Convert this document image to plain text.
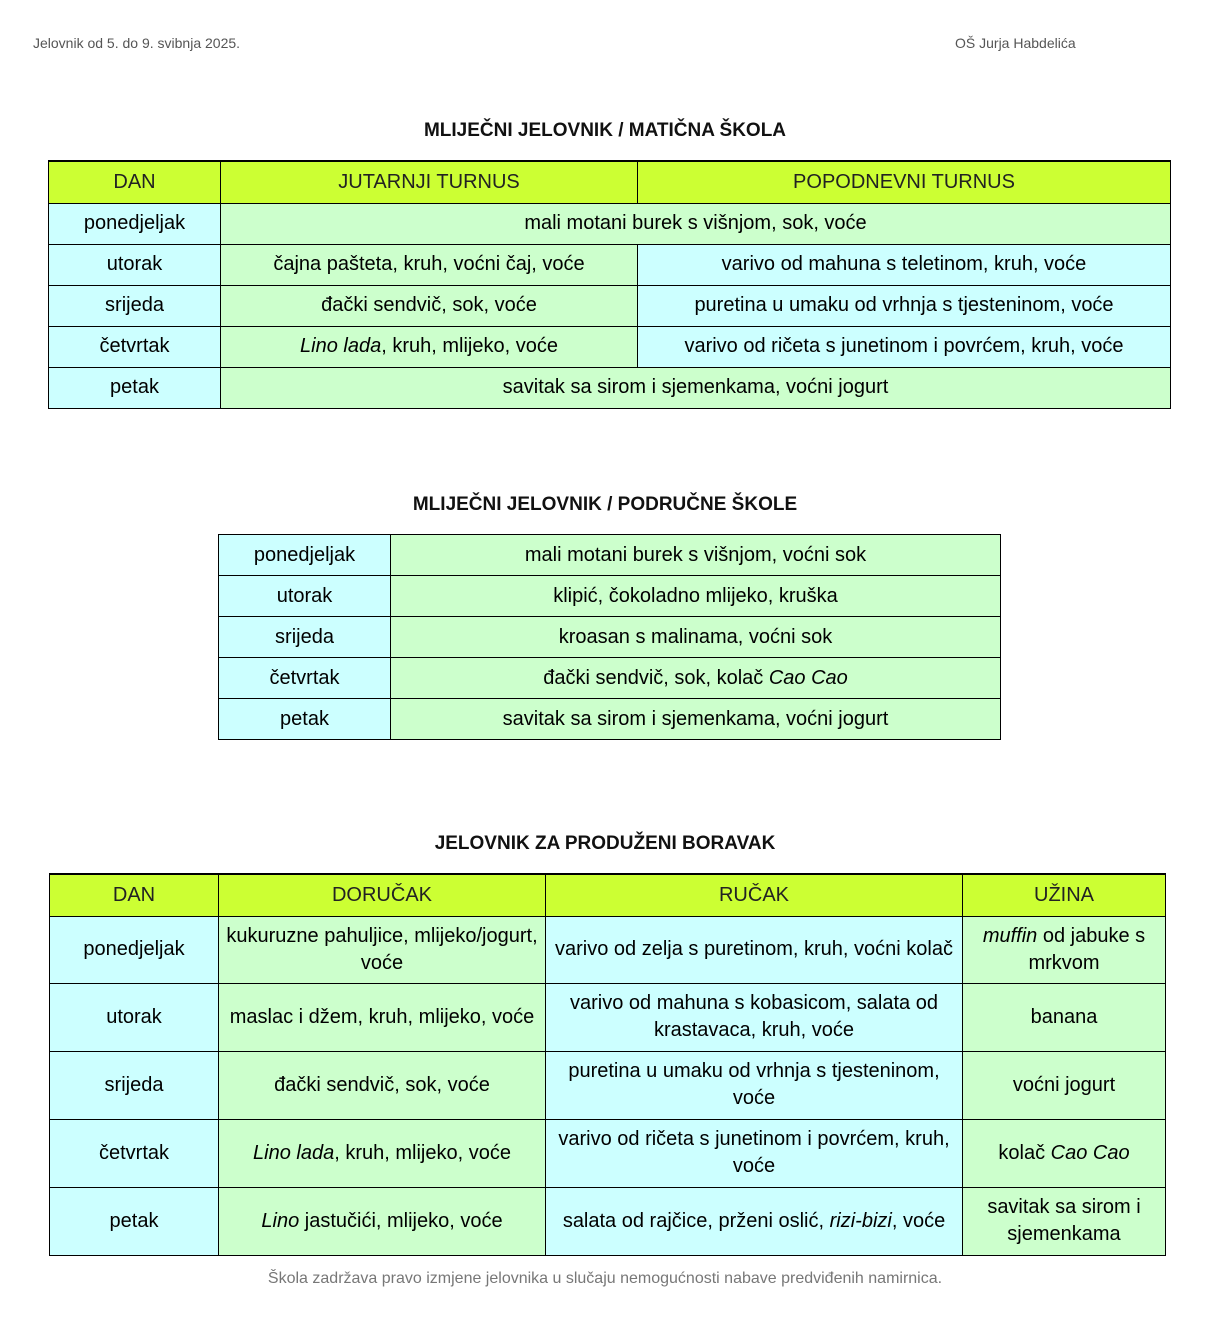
Jelovnik od 5. do 9. svibnja 2025.	OŠ Jurja Habdelića
MLIJEČNI JELOVNIK / MATIČNA ŠKOLA
DAN	JUTARNJI TURNUS	POPODNEVNI TURNUS
ponedjeljak	mali motani burek s višnjom, sok, voće	
utorak	čajna pašteta, kruh, voćni čaj, voće	varivo od mahuna s teletinom, kruh, voće
srijeda	đački sendvič, sok, voće	puretina u umaku od vrhnja s tjesteninom, voće
četvrtak	Lino lada, kruh, mlijeko, voće	varivo od ričeta s junetinom i povrćem, kruh, voće
petak	savitak sa sirom i sjemenkama, voćni jogurt	
MLIJEČNI JELOVNIK / PODRUČNE ŠKOLE
ponedjeljak	mali motani burek s višnjom, voćni sok
utorak	klipić, čokoladno mlijeko, kruška
srijeda	kroasan s malinama, voćni sok
četvrtak	đački sendvič, sok, kolač Cao Cao
petak	savitak sa sirom i sjemenkama, voćni jogurt
JELOVNIK ZA PRODUŽENI BORAVAK
DAN	DORUČAK	RUČAK	UŽINA
ponedjeljak	kukuruzne pahuljice, mlijeko/jogurt, voće	varivo od zelja s puretinom, kruh, voćni kolač	muffin od jabuke s mrkvom
utorak	maslac i džem, kruh, mlijeko, voće	varivo od mahuna s kobasicom, salata od krastavaca, kruh, voće	banana
srijeda	đački sendvič, sok, voće	puretina u umaku od vrhnja s tjesteninom, voće	voćni jogurt
četvrtak	Lino lada, kruh, mlijeko, voće	varivo od ričeta s junetinom i povrćem, kruh, voće	kolač Cao Cao
petak	Lino jastučići, mlijeko, voće	salata od rajčice, prženi oslić, rizi-bizi, voće	savitak sa sirom i sjemenkama
Škola zadržava pravo izmjene jelovnika u slučaju nemogućnosti nabave predviđenih namirnica.
